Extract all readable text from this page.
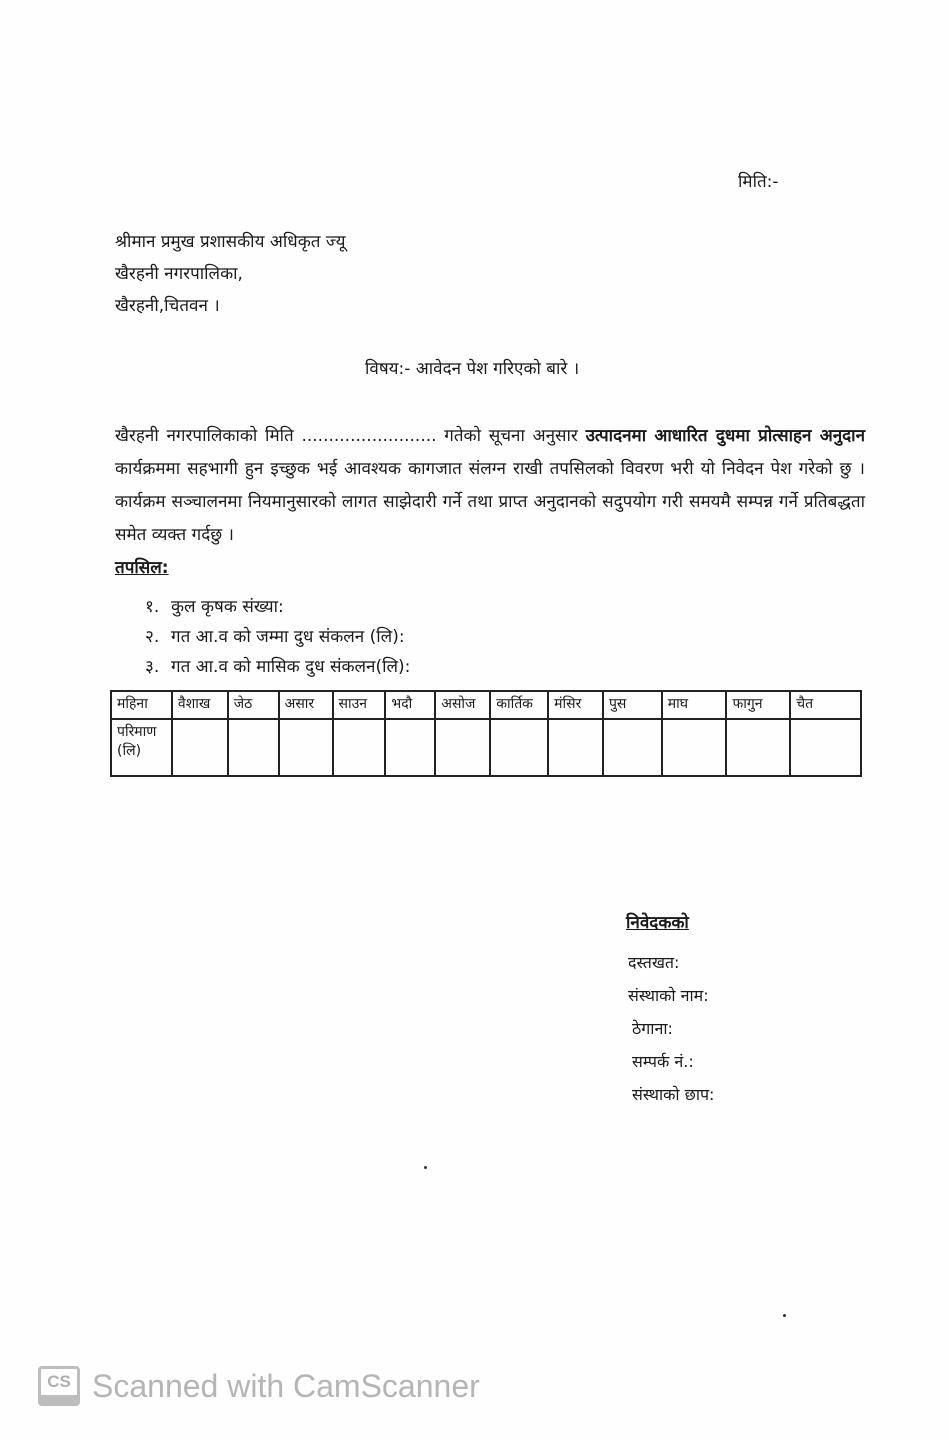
मिति:-
श्रीमान प्रमुख प्रशासकीय अधिकृत ज्यू
खैरहनी नगरपालिका,
खैरहनी,चितवन ।
विषय:- आवेदन पेश गरिएको बारे ।
खैरहनी नगरपालिकाको मिति ......................... गतेको सूचना अनुसार उत्पादनमा आधारित दुधमा प्रोत्साहन अनुदान कार्यक्रममा सहभागी हुन इच्छुक भई आवश्यक कागजात संलग्न राखी तपसिलको विवरण भरी यो निवेदन पेश गरेको छु । कार्यक्रम सञ्चालनमा नियमानुसारको लागत साझेदारी गर्ने तथा प्राप्त अनुदानको सदुपयोग गरी समयमै सम्पन्न गर्ने प्रतिबद्धता समेत व्यक्त गर्दछु ।
तपसिल:
१. कुल कृषक संख्या:
२. गत आ.व को जम्मा दुध संकलन (लि):
३. गत आ.व को मासिक दुध संकलन(लि):
महिना	वैशाख	जेठ	असार	साउन	भदौ	असोज	कार्तिक	मंसिर	पुस	माघ	फागुन	चैत
परिमाण (लि)												
निवेदकको
दस्तखत:
संस्थाको नाम:
ठेगाना:
सम्पर्क नं.:
संस्थाको छाप:
CS Scanned with CamScanner
